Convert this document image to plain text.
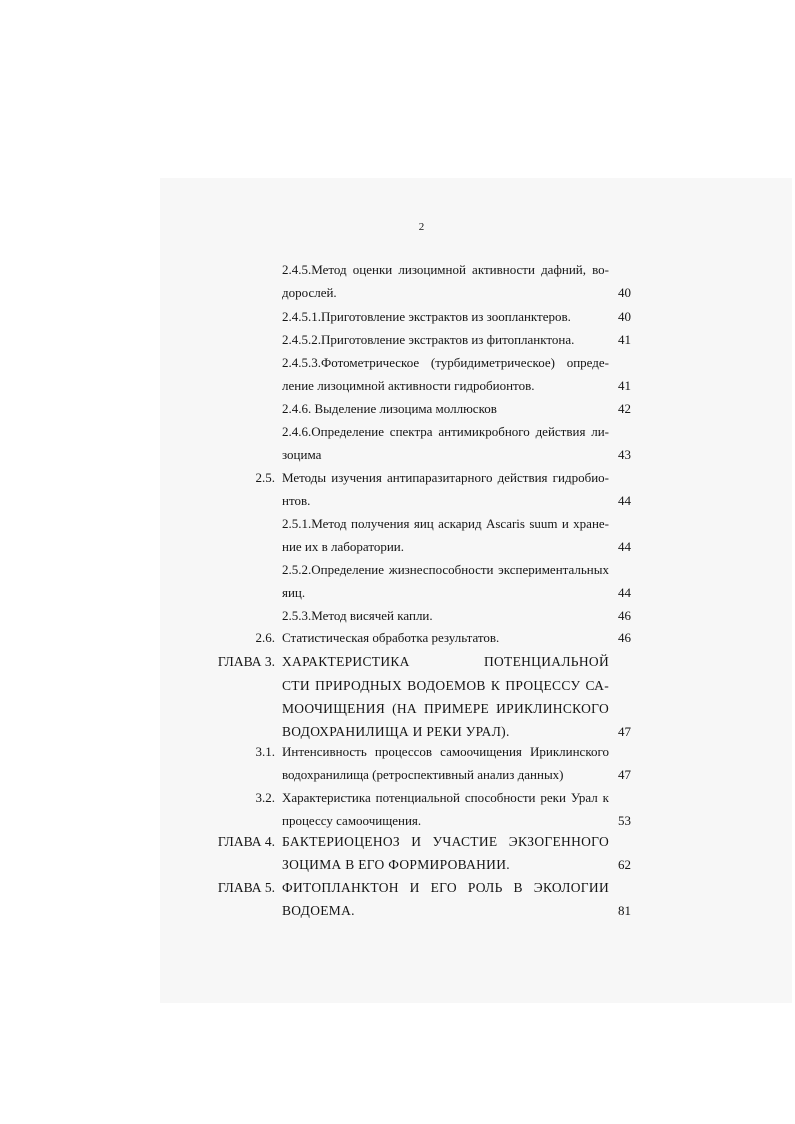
2
2.4.5.Метод оценки лизоцимной активности дафний, во-
дорослей.	40
2.4.5.1.Приготовление экстрактов из зоопланктеров.	40
2.4.5.2.Приготовление экстрактов из фитопланктона.	41
2.4.5.3.Фотометрическое (турбидиметрическое) опреде-
ление лизоцимной активности гидробионтов.	41
2.4.6. Выделение лизоцима моллюсков	42
2.4.6.Определение спектра антимикробного действия ли-
зоцима	43
2.5. Методы изучения антипаразитарного действия гидробио-
нтов.	44
2.5.1.Метод получения яиц аскарид Ascaris suum и хране-
ние их в лаборатории.	44
2.5.2.Определение жизнеспособности экспериментальных
яиц.	44
2.5.3.Метод висячей капли.	46
2.6. Статистическая обработка результатов.	46
ГЛАВА 3. ХАРАКТЕРИСТИКА ПОТЕНЦИАЛЬНОЙ
СТИ ПРИРОДНЫХ ВОДОЕМОВ К ПРОЦЕССУ СА-
МООЧИЩЕНИЯ (НА ПРИМЕРЕ ИРИКЛИНСКОГО
ВОДОХРАНИЛИЩА И РЕКИ УРАЛ).	47
3.1. Интенсивность процессов самоочищения Ириклинского
водохранилища (ретроспективный анализ данных)	47
3.2. Характеристика потенциальной способности реки Урал к
процессу самоочищения.	53
ГЛАВА 4. БАКТЕРИОЦЕНОЗ И УЧАСТИЕ ЭКЗОГЕННОГО
ЗОЦИМА В ЕГО ФОРМИРОВАНИИ.	62
ГЛАВА 5. ФИТОПЛАНКТОН И ЕГО РОЛЬ В ЭКОЛОГИИ
ВОДОЕМА.	81
